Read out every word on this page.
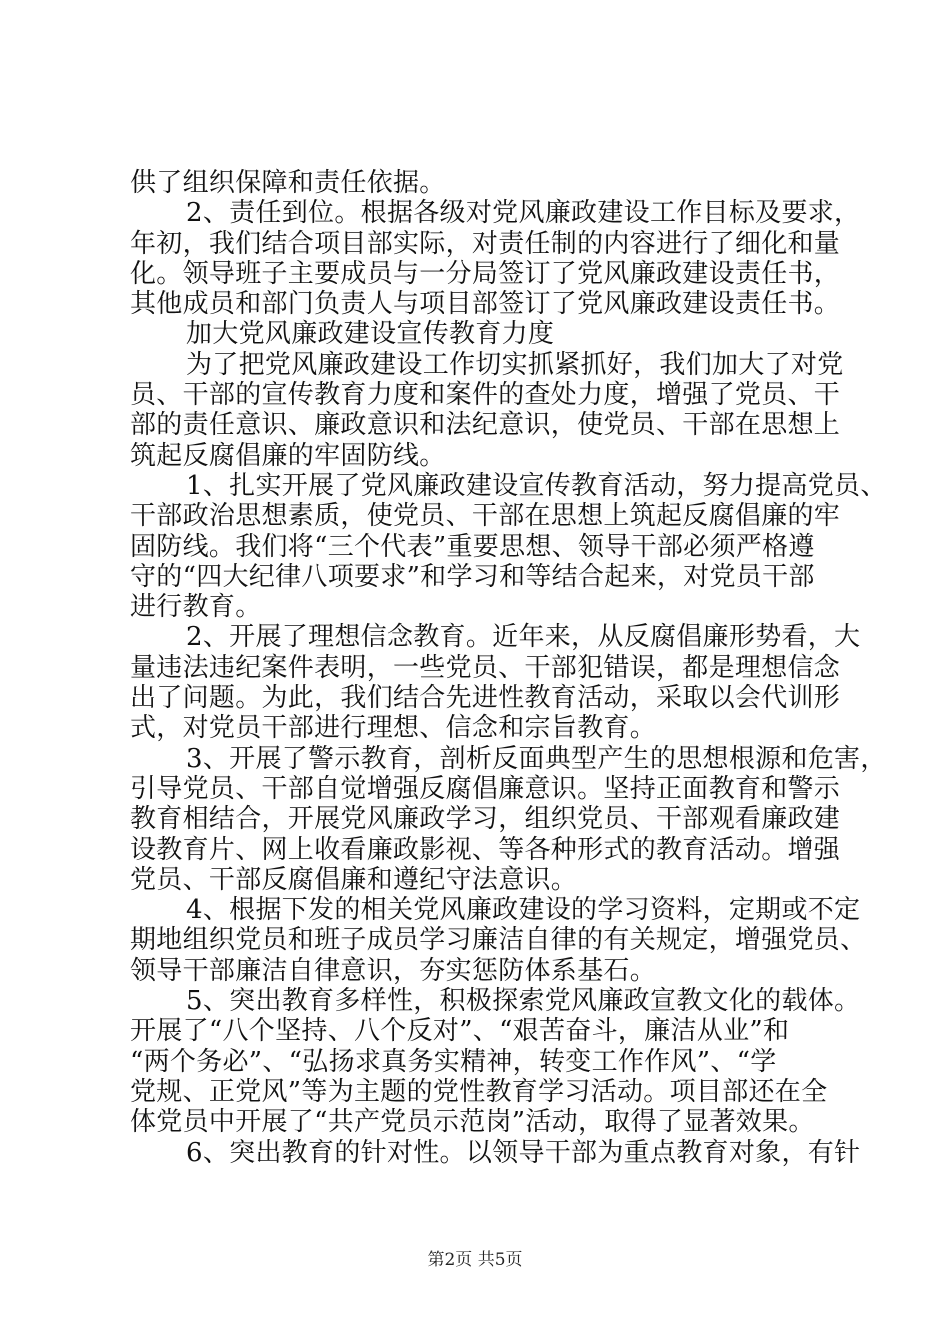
供了组织保障和责任依据。
2、责任到位。根据各级对党风廉政建设工作目标及要求，
年初，我们结合项目部实际，对责任制的内容进行了细化和量
化。领导班子主要成员与一分局签订了党风廉政建设责任书，
其他成员和部门负责人与项目部签订了党风廉政建设责任书。
加大党风廉政建设宣传教育力度
为了把党风廉政建设工作切实抓紧抓好，我们加大了对党
员、干部的宣传教育力度和案件的查处力度，增强了党员、干
部的责任意识、廉政意识和法纪意识，使党员、干部在思想上
筑起反腐倡廉的牢固防线。
1、扎实开展了党风廉政建设宣传教育活动，努力提高党员、
干部政治思想素质，使党员、干部在思想上筑起反腐倡廉的牢
固防线。我们将“三个代表”重要思想、领导干部必须严格遵
守的“四大纪律八项要求”和学习和等结合起来，对党员干部
进行教育。
2、开展了理想信念教育。近年来，从反腐倡廉形势看，大
量违法违纪案件表明，一些党员、干部犯错误，都是理想信念
出了问题。为此，我们结合先进性教育活动，采取以会代训形
式，对党员干部进行理想、信念和宗旨教育。
3、开展了警示教育，剖析反面典型产生的思想根源和危害，
引导党员、干部自觉增强反腐倡廉意识。坚持正面教育和警示
教育相结合，开展党风廉政学习，组织党员、干部观看廉政建
设教育片、网上收看廉政影视、等各种形式的教育活动。增强
党员、干部反腐倡廉和遵纪守法意识。
4、根据下发的相关党风廉政建设的学习资料，定期或不定
期地组织党员和班子成员学习廉洁自律的有关规定，增强党员、
领导干部廉洁自律意识，夯实惩防体系基石。
5、突出教育多样性，积极探索党风廉政宣教文化的载体。
开展了“八个坚持、八个反对”、“艰苦奋斗，廉洁从业”和
“两个务必”、“弘扬求真务实精神，转变工作作风”、“学
党规、正党风”等为主题的党性教育学习活动。项目部还在全
体党员中开展了“共产党员示范岗”活动，取得了显著效果。
6、突出教育的针对性。以领导干部为重点教育对象，有针
第2页 共5页
